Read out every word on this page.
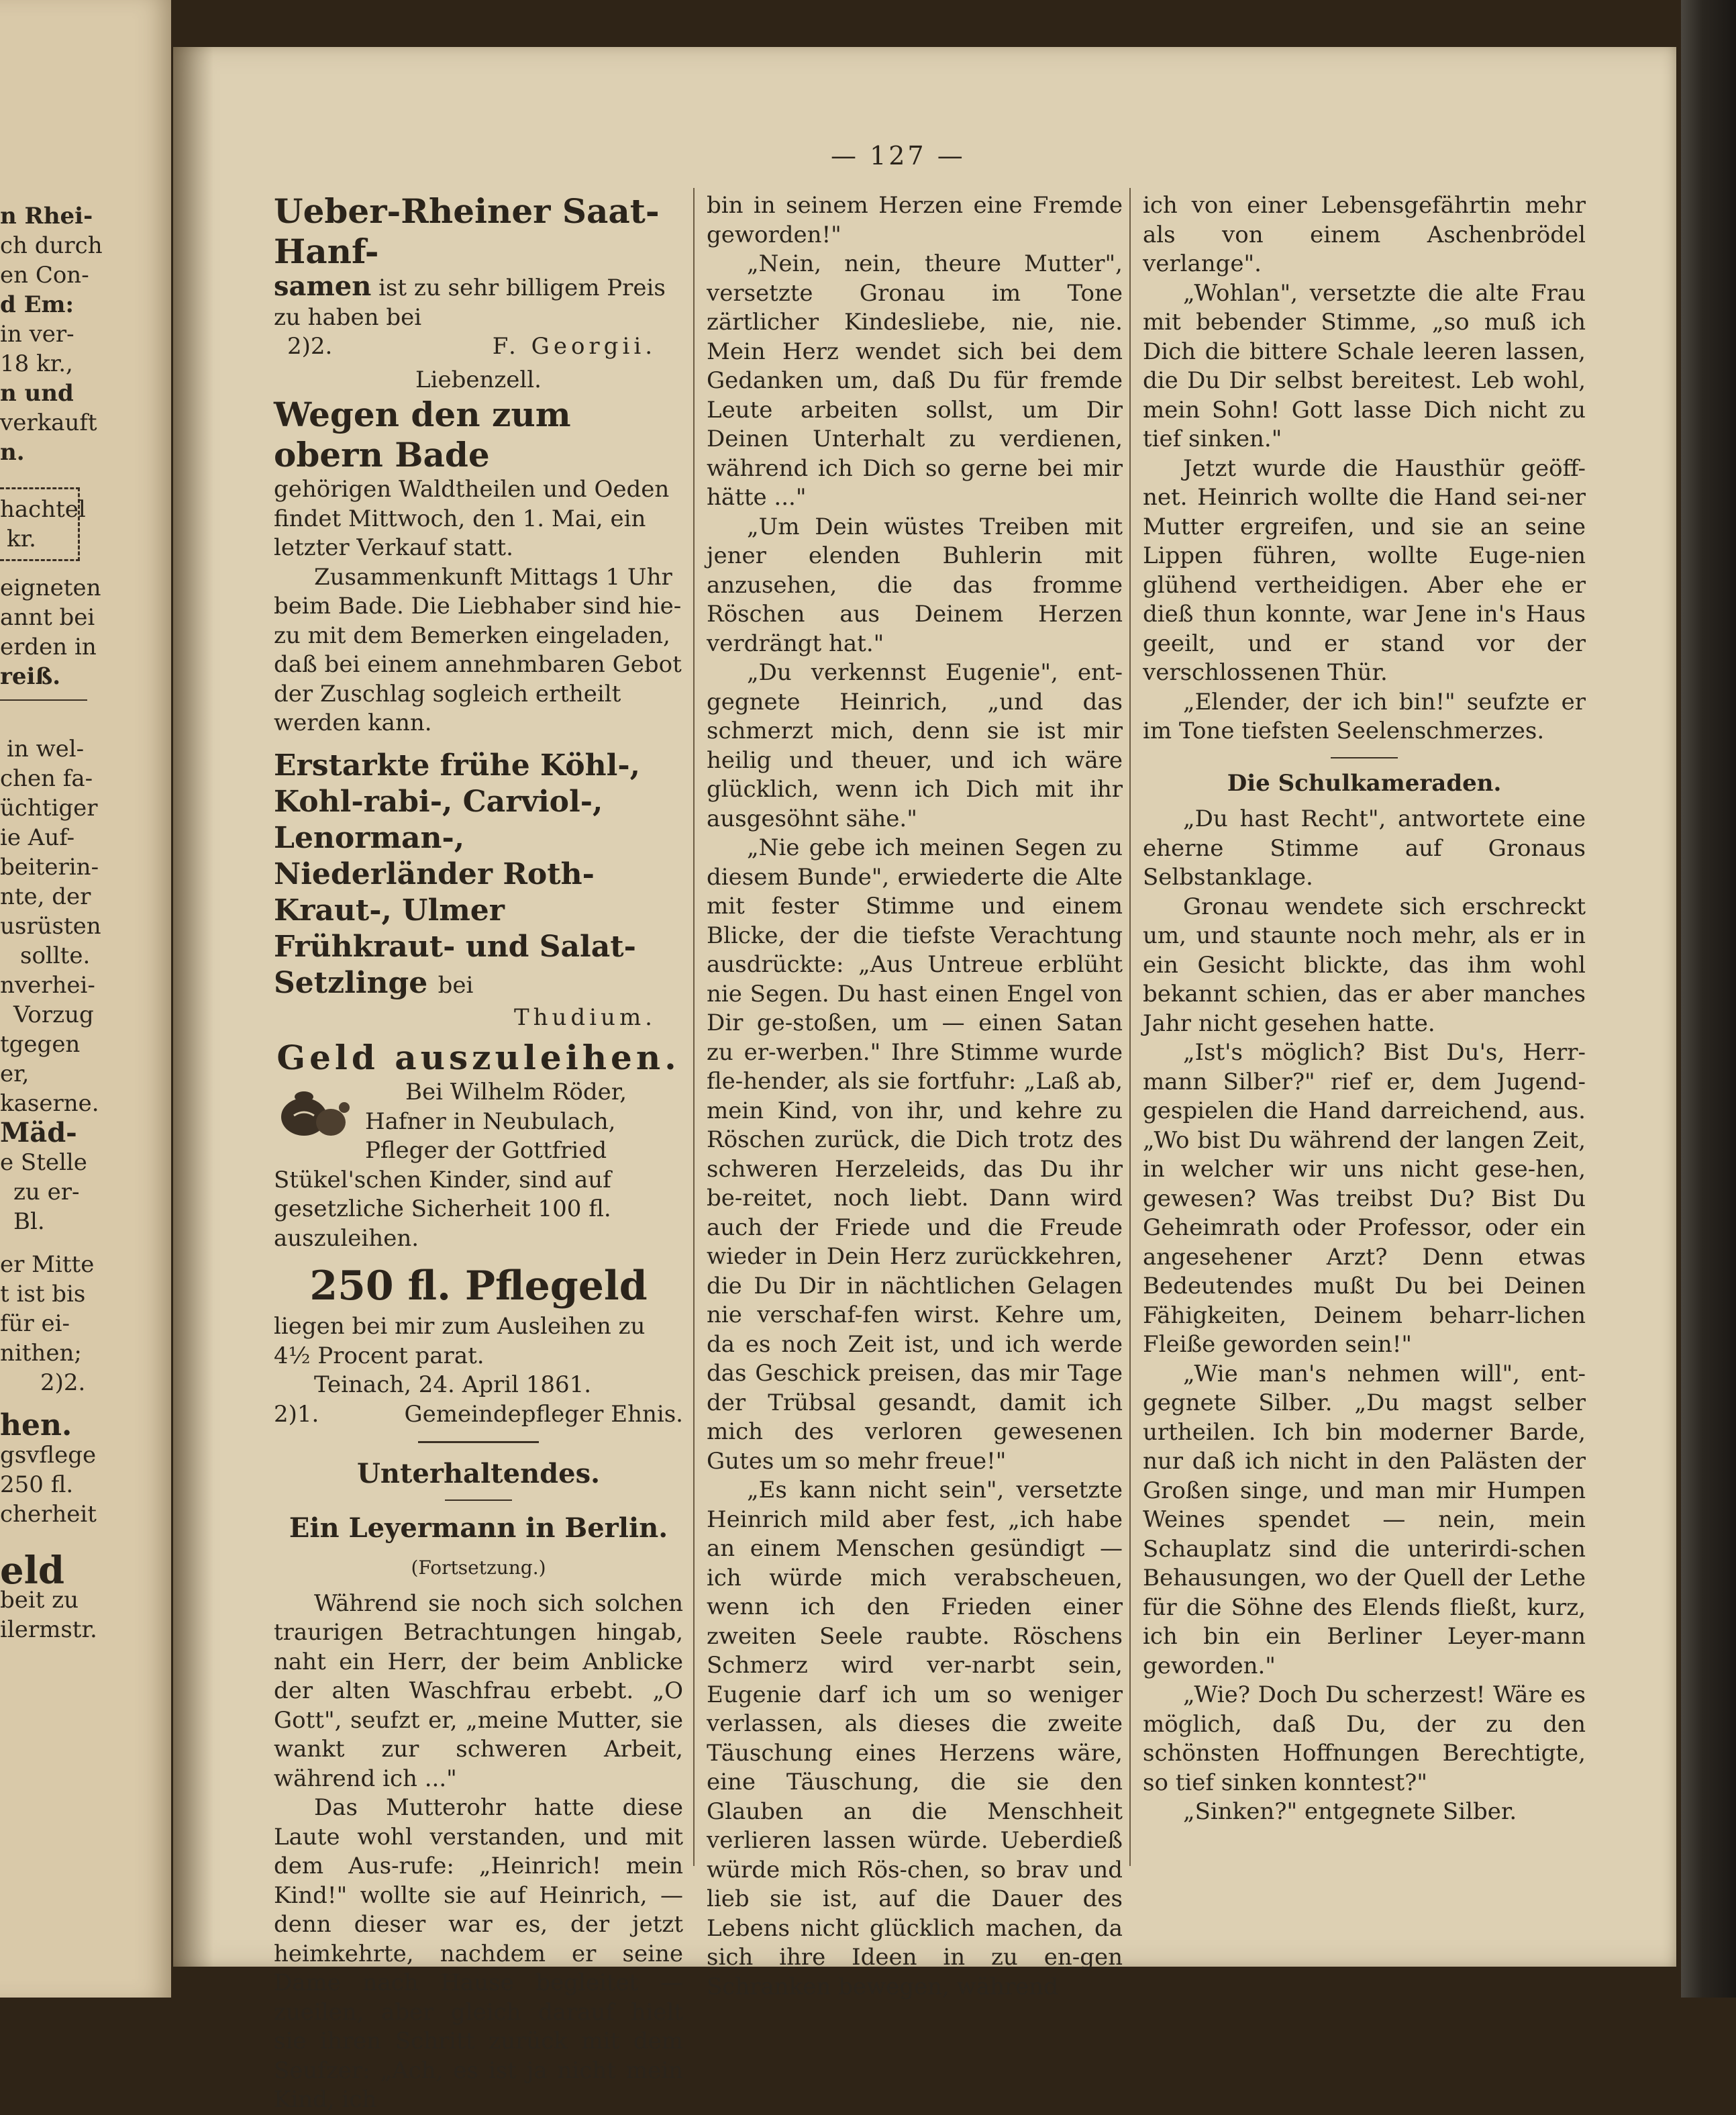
n Rhei-

ch durch

en Con-

d Em:

in ver-

18 kr.,

n und

verkauft

n.

hachtel

kr.

eigneten

annt bei

erden in

reiß.

in wel-

chen fa-

üchtiger

ie Auf-

beiterin-

nte, der

usrüsten

sollte.

nverhei-

Vorzug

tgegen

er,

kaserne.

Mäd-

e Stelle

zu er-

Bl.

er Mitte

t ist bis

für ei-

nithen;

2)2.

hen.

gsvflege

250 fl.

cherheit

eld

beit zu

ilermstr.

— 127 —

Ueber-Rheiner Saat-Hanf-

samen ist zu sehr billigem Preis zu haben bei

2)2.	F. Georgii.

Liebenzell.

Wegen den zum obern Bade

gehörigen Waldtheilen und Oeden findet Mittwoch, den 1. Mai, ein letzter Verkauf statt.

Zusammenkunft Mittags 1 Uhr beim Bade. Die Liebhaber sind hie-zu mit dem Bemerken eingeladen, daß bei einem annehmbaren Gebot der Zuschlag sogleich ertheilt werden kann.

Erstarkte frühe Köhl-, Kohl-rabi-, Carviol-, Lenorman-, Niederländer Roth-Kraut-, Ulmer Frühkraut- und Salat-Setzlinge bei

Thudium.

Geld auszuleihen.

Bei Wilhelm Röder, Hafner in Neubulach, Pfleger der Gottfried Stükel'schen Kinder, sind auf gesetzliche Sicherheit 100 fl. auszuleihen.

250 fl. Pflegeld

liegen bei mir zum Ausleihen zu 4½ Procent parat.

Teinach, 24. April 1861.

2)1.	Gemeindepfleger Ehnis.

Unterhaltendes.

Ein Leyermann in Berlin.

(Fortsetzung.)

Während sie noch sich solchen traurigen Betrachtungen hingab, naht ein Herr, der beim Anblicke der alten Waschfrau erbebt. „O Gott", seufzt er, „meine Mutter, sie wankt zur schweren Arbeit, während ich ..."

Das Mutterohr hatte diese Laute wohl verstanden, und mit dem Aus-rufe: „Heinrich! mein Kind!" wollte sie auf Heinrich, — denn dieser war es, der jetzt heimkehrte, nachdem er seine Dame nach Hause begleitet — zueilen, aber gleich darauf hielt sie ihren Schritt zurück mit dem Seufzer: „Ach, es ist ja nicht mein Kind, ich

bin in seinem Herzen eine Fremde geworden!"

„Nein, nein, theure Mutter", versetzte Gronau im Tone zärtlicher Kindesliebe, nie, nie. Mein Herz wendet sich bei dem Gedanken um, daß Du für fremde Leute arbeiten sollst, um Dir Deinen Unterhalt zu verdienen, während ich Dich so gerne bei mir hätte ..."

„Um Dein wüstes Treiben mit jener elenden Buhlerin mit anzusehen, die das fromme Röschen aus Deinem Herzen verdrängt hat."

„Du verkennst Eugenie", ent-gegnete Heinrich, „und das schmerzt mich, denn sie ist mir heilig und theuer, und ich wäre glücklich, wenn ich Dich mit ihr ausgesöhnt sähe."

„Nie gebe ich meinen Segen zu diesem Bunde", erwiederte die Alte mit fester Stimme und einem Blicke, der die tiefste Verachtung ausdrückte: „Aus Untreue erblüht nie Segen. Du hast einen Engel von Dir ge-stoßen, um — einen Satan zu er-werben." Ihre Stimme wurde fle-hender, als sie fortfuhr: „Laß ab, mein Kind, von ihr, und kehre zu Röschen zurück, die Dich trotz des schweren Herzeleids, das Du ihr be-reitet, noch liebt. Dann wird auch der Friede und die Freude wieder in Dein Herz zurückkehren, die Du Dir in nächtlichen Gelagen nie verschaf-fen wirst. Kehre um, da es noch Zeit ist, und ich werde das Geschick preisen, das mir Tage der Trübsal gesandt, damit ich mich des verloren gewesenen Gutes um so mehr freue!"

„Es kann nicht sein", versetzte Heinrich mild aber fest, „ich habe an einem Menschen gesündigt — ich würde mich verabscheuen, wenn ich den Frieden einer zweiten Seele raubte. Röschens Schmerz wird ver-narbt sein, Eugenie darf ich um so weniger verlassen, als dieses die zweite Täuschung eines Herzens wäre, eine Täuschung, die sie den Glauben an die Menschheit verlieren lassen würde. Ueberdieß würde mich Rös-chen, so brav und lieb sie ist, auf die Dauer des Lebens nicht glücklich machen, da sich ihre Ideen in zu en-gen Schranken bewegen, während

ich von einer Lebensgefährtin mehr als von einem Aschenbrödel verlange".

„Wohlan", versetzte die alte Frau mit bebender Stimme, „so muß ich Dich die bittere Schale leeren lassen, die Du Dir selbst bereitest. Leb wohl, mein Sohn! Gott lasse Dich nicht zu tief sinken."

Jetzt wurde die Hausthür geöff-net. Heinrich wollte die Hand sei-ner Mutter ergreifen, und sie an seine Lippen führen, wollte Euge-nien glühend vertheidigen. Aber ehe er dieß thun konnte, war Jene in's Haus geeilt, und er stand vor der verschlossenen Thür.

„Elender, der ich bin!" seufzte er im Tone tiefsten Seelenschmerzes.

Die Schulkameraden.

„Du hast Recht", antwortete eine eherne Stimme auf Gronaus Selbstanklage.

Gronau wendete sich erschreckt um, und staunte noch mehr, als er in ein Gesicht blickte, das ihm wohl bekannt schien, das er aber manches Jahr nicht gesehen hatte.

„Ist's möglich? Bist Du's, Herr-mann Silber?" rief er, dem Jugend-gespielen die Hand darreichend, aus. „Wo bist Du während der langen Zeit, in welcher wir uns nicht gese-hen, gewesen? Was treibst Du? Bist Du Geheimrath oder Professor, oder ein angesehener Arzt? Denn etwas Bedeutendes mußt Du bei Deinen Fähigkeiten, Deinem beharr-lichen Fleiße geworden sein!"

„Wie man's nehmen will", ent-gegnete Silber. „Du magst selber urtheilen. Ich bin moderner Barde, nur daß ich nicht in den Palästen der Großen singe, und man mir Humpen Weines spendet — nein, mein Schauplatz sind die unterirdi-schen Behausungen, wo der Quell der Lethe für die Söhne des Elends fließt, kurz, ich bin ein Berliner Leyer-mann geworden."

„Wie? Doch Du scherzest! Wäre es möglich, daß Du, der zu den schönsten Hoffnungen Berechtigte, so tief sinken konntest?"

„Sinken?" entgegnete Silber.
